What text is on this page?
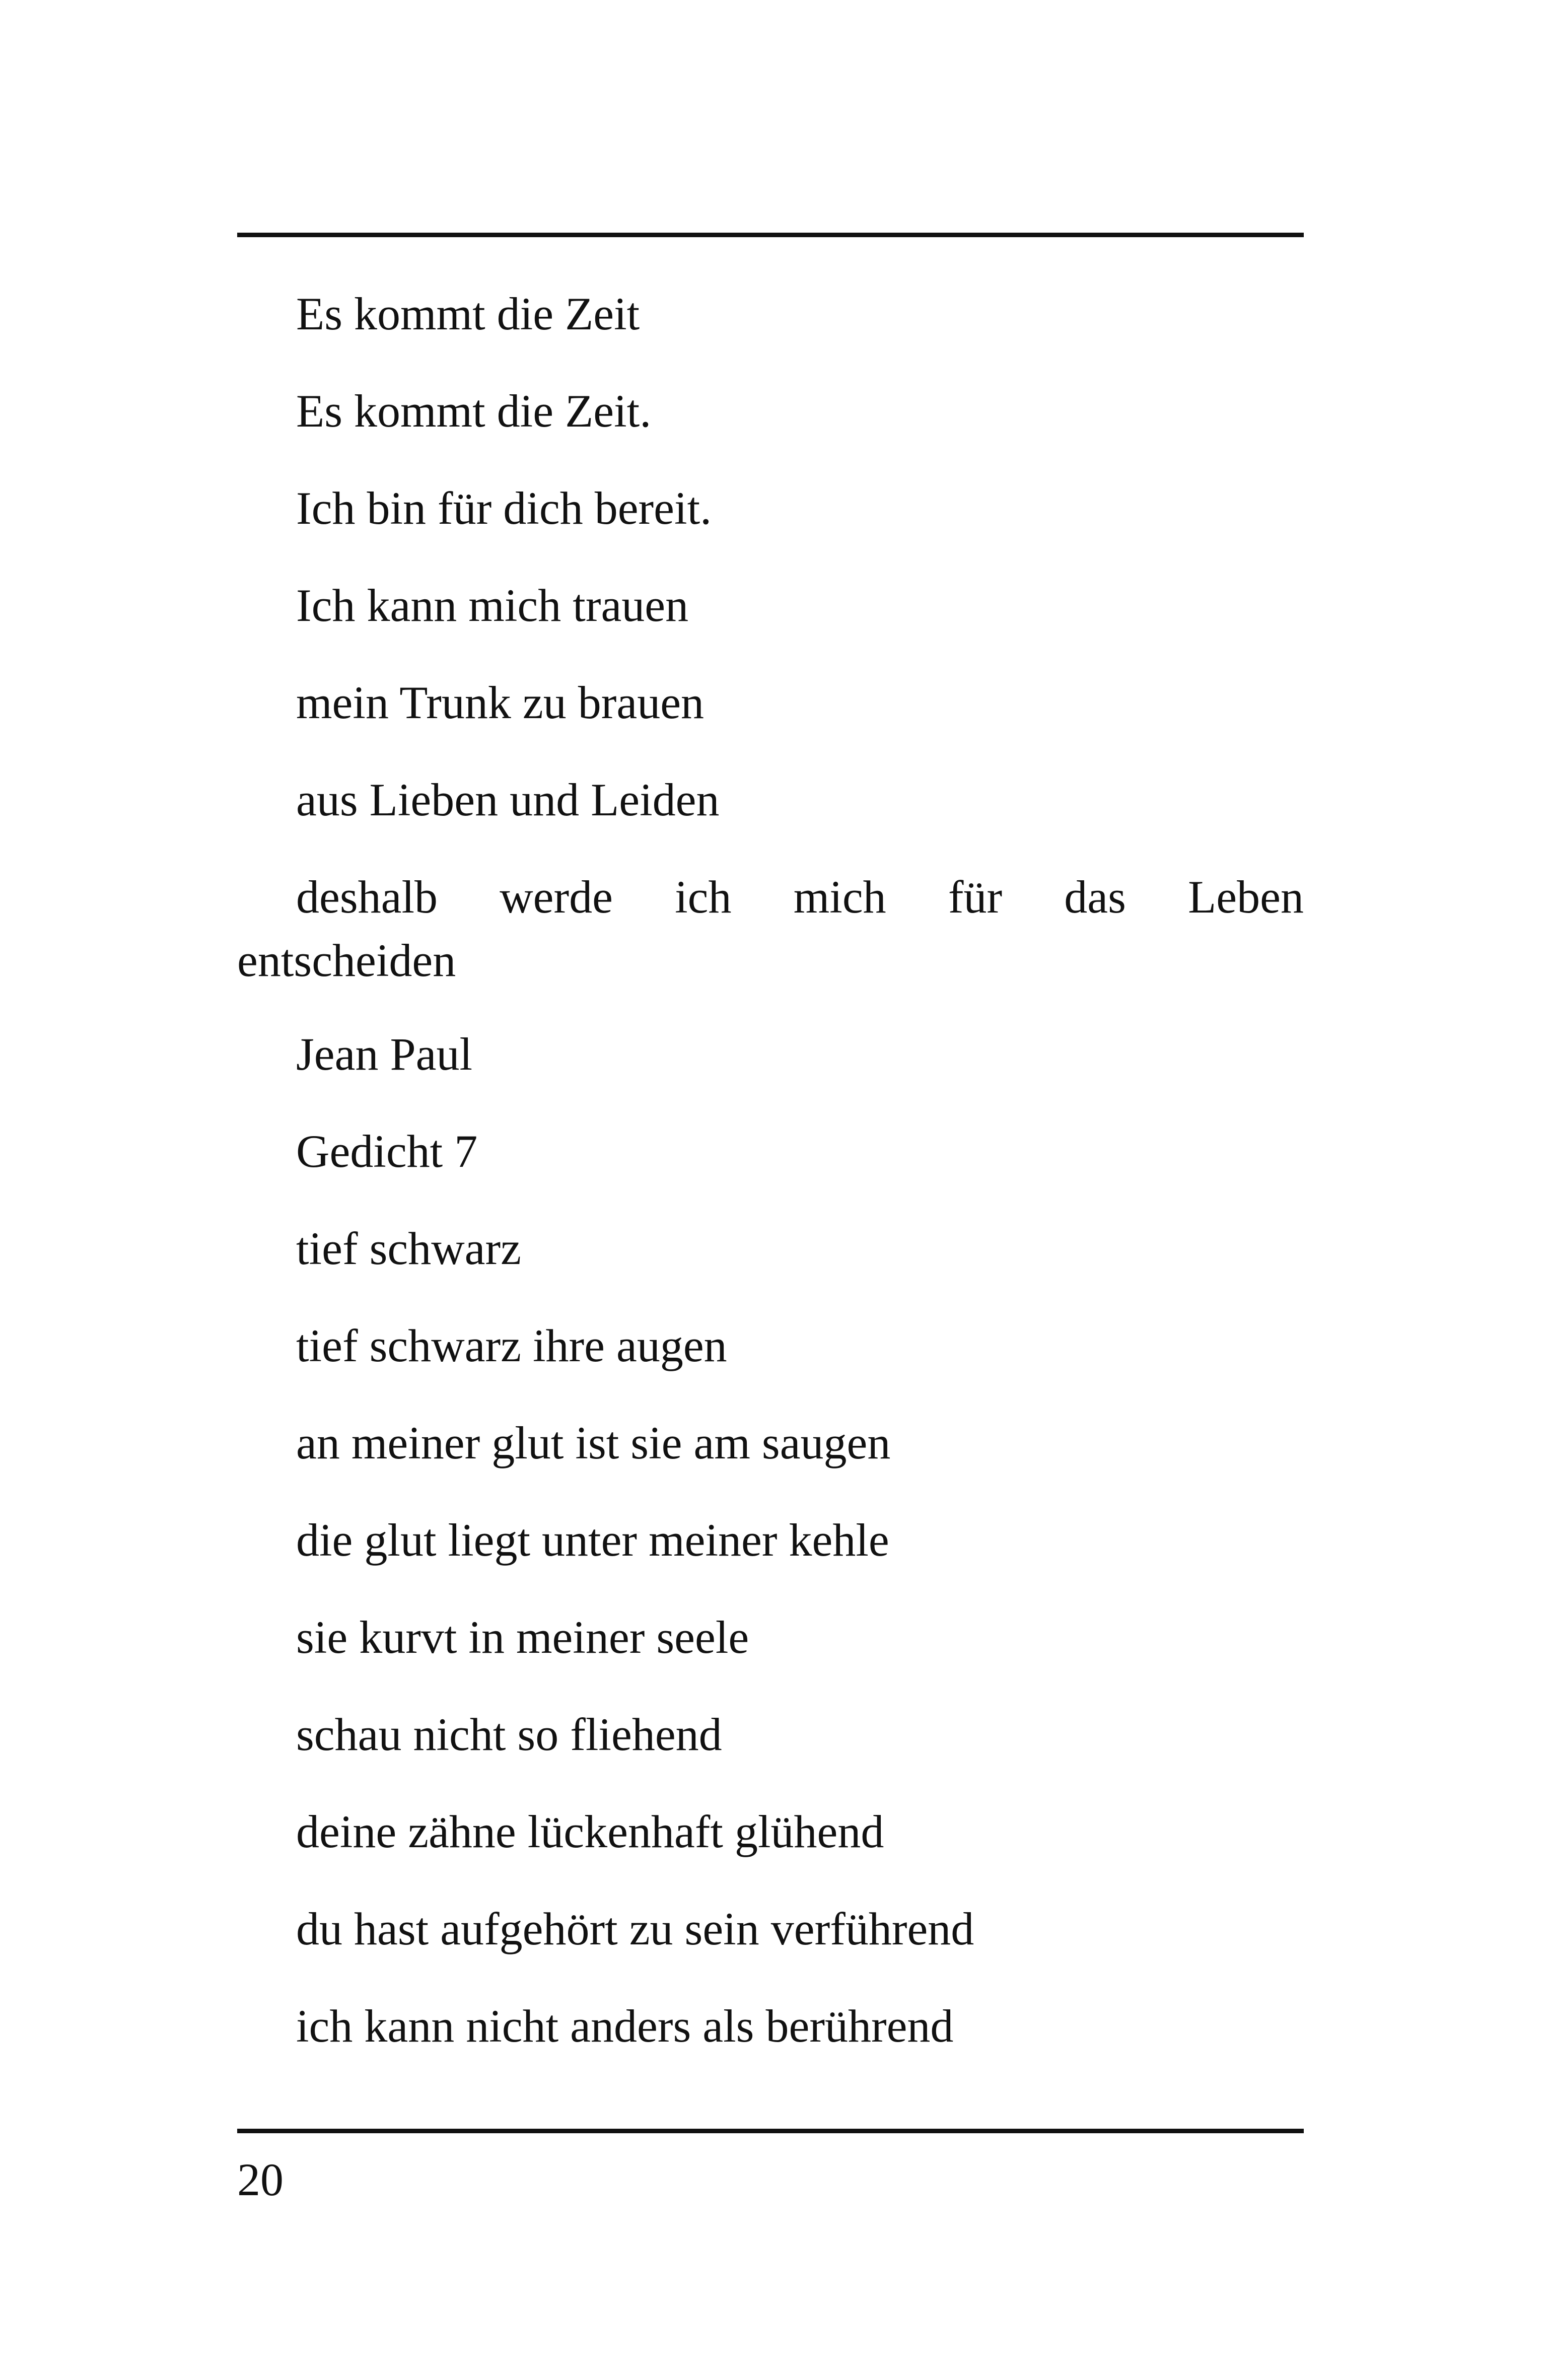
Es kommt die Zeit

Es kommt die Zeit.

Ich bin für dich bereit.

Ich kann mich trauen

mein Trunk zu brauen

aus Lieben und Leiden

deshalb werde ich mich für das Leben
entscheiden

Jean Paul

Gedicht 7

tief schwarz

tief schwarz ihre augen

an meiner glut ist sie am saugen

die glut liegt unter meiner kehle

sie kurvt in meiner seele

schau nicht so fliehend

deine zähne lückenhaft glühend

du hast aufgehört zu sein verführend

ich kann nicht anders als berührend

20
